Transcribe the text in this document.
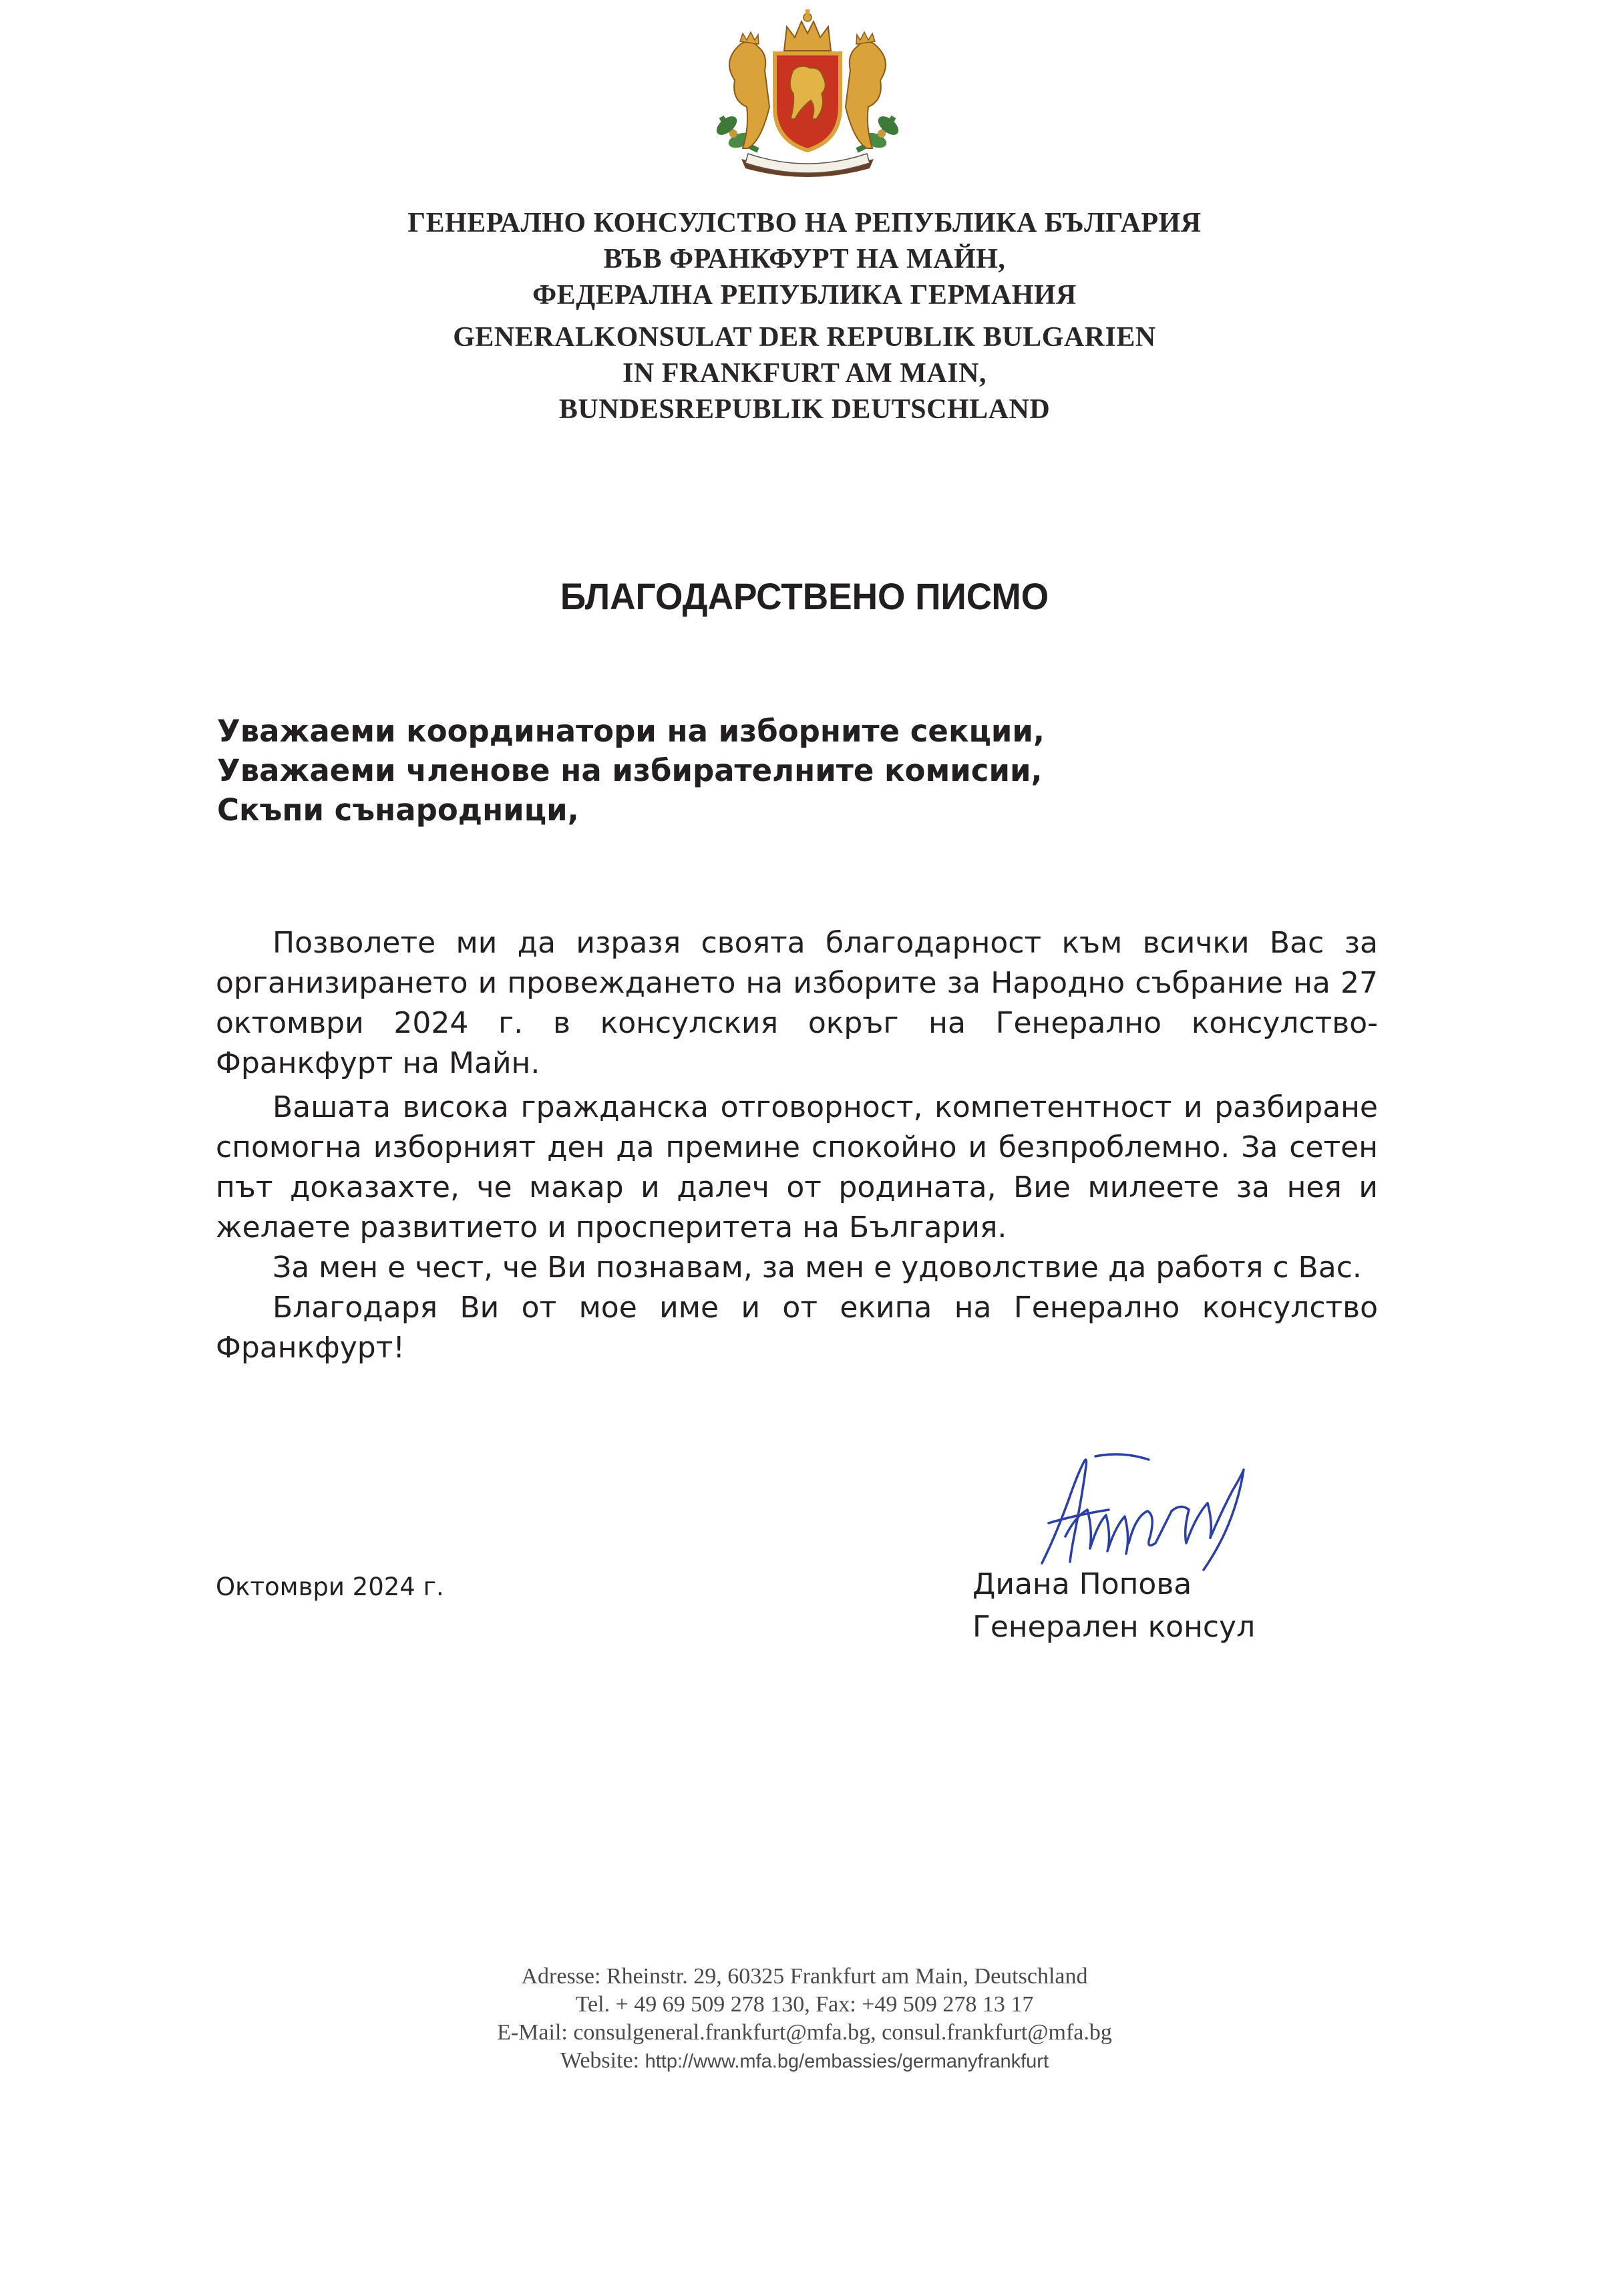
ГЕНЕРАЛНО КОНСУЛСТВО НА РЕПУБЛИКА БЪЛГАРИЯ
ВЪВ ФРАНКФУРТ НА МАЙН,
ФЕДЕРАЛНА РЕПУБЛИКА ГЕРМАНИЯ
GENERALKONSULAT DER REPUBLIK BULGARIEN
IN FRANKFURT AM MAIN,
BUNDESREPUBLIK DEUTSCHLAND
БЛАГОДАРСТВЕНО ПИСМО
Уважаеми координатори на изборните секции,
Уважаеми членове на избирателните комисии,
Скъпи сънародници,

Позволете ми да изразя своята благодарност към всички Вас за организирането и провеждането на изборите за Народно събрание на 27 октомври 2024 г. в консулския окръг на Генерално консулство-Франкфурт на Майн.

Вашата висока гражданска отговорност, компетентност и разбиране спомогна изборният ден да премине спокойно и безпроблемно. За сетен път доказахте, че макар и далеч от родината, Вие милеете за нея и желаете развитието и просперитета на България.

За мен е чест, че Ви познавам, за мен е удоволствие да работя с Вас.

Благодаря Ви от мое име и от екипа на Генерално консулство Франкфурт!

Октомври 2024 г.	Диана Попова
Генерален консул
Adresse: Rheinstr. 29, 60325 Frankfurt am Main, Deutschland
Tel. + 49 69 509 278 130, Fax: +49 509 278 13 17
E-Mail: consulgeneral.frankfurt@mfa.bg, consul.frankfurt@mfa.bg
Website: http://www.mfa.bg/embassies/germanyfrankfurt
